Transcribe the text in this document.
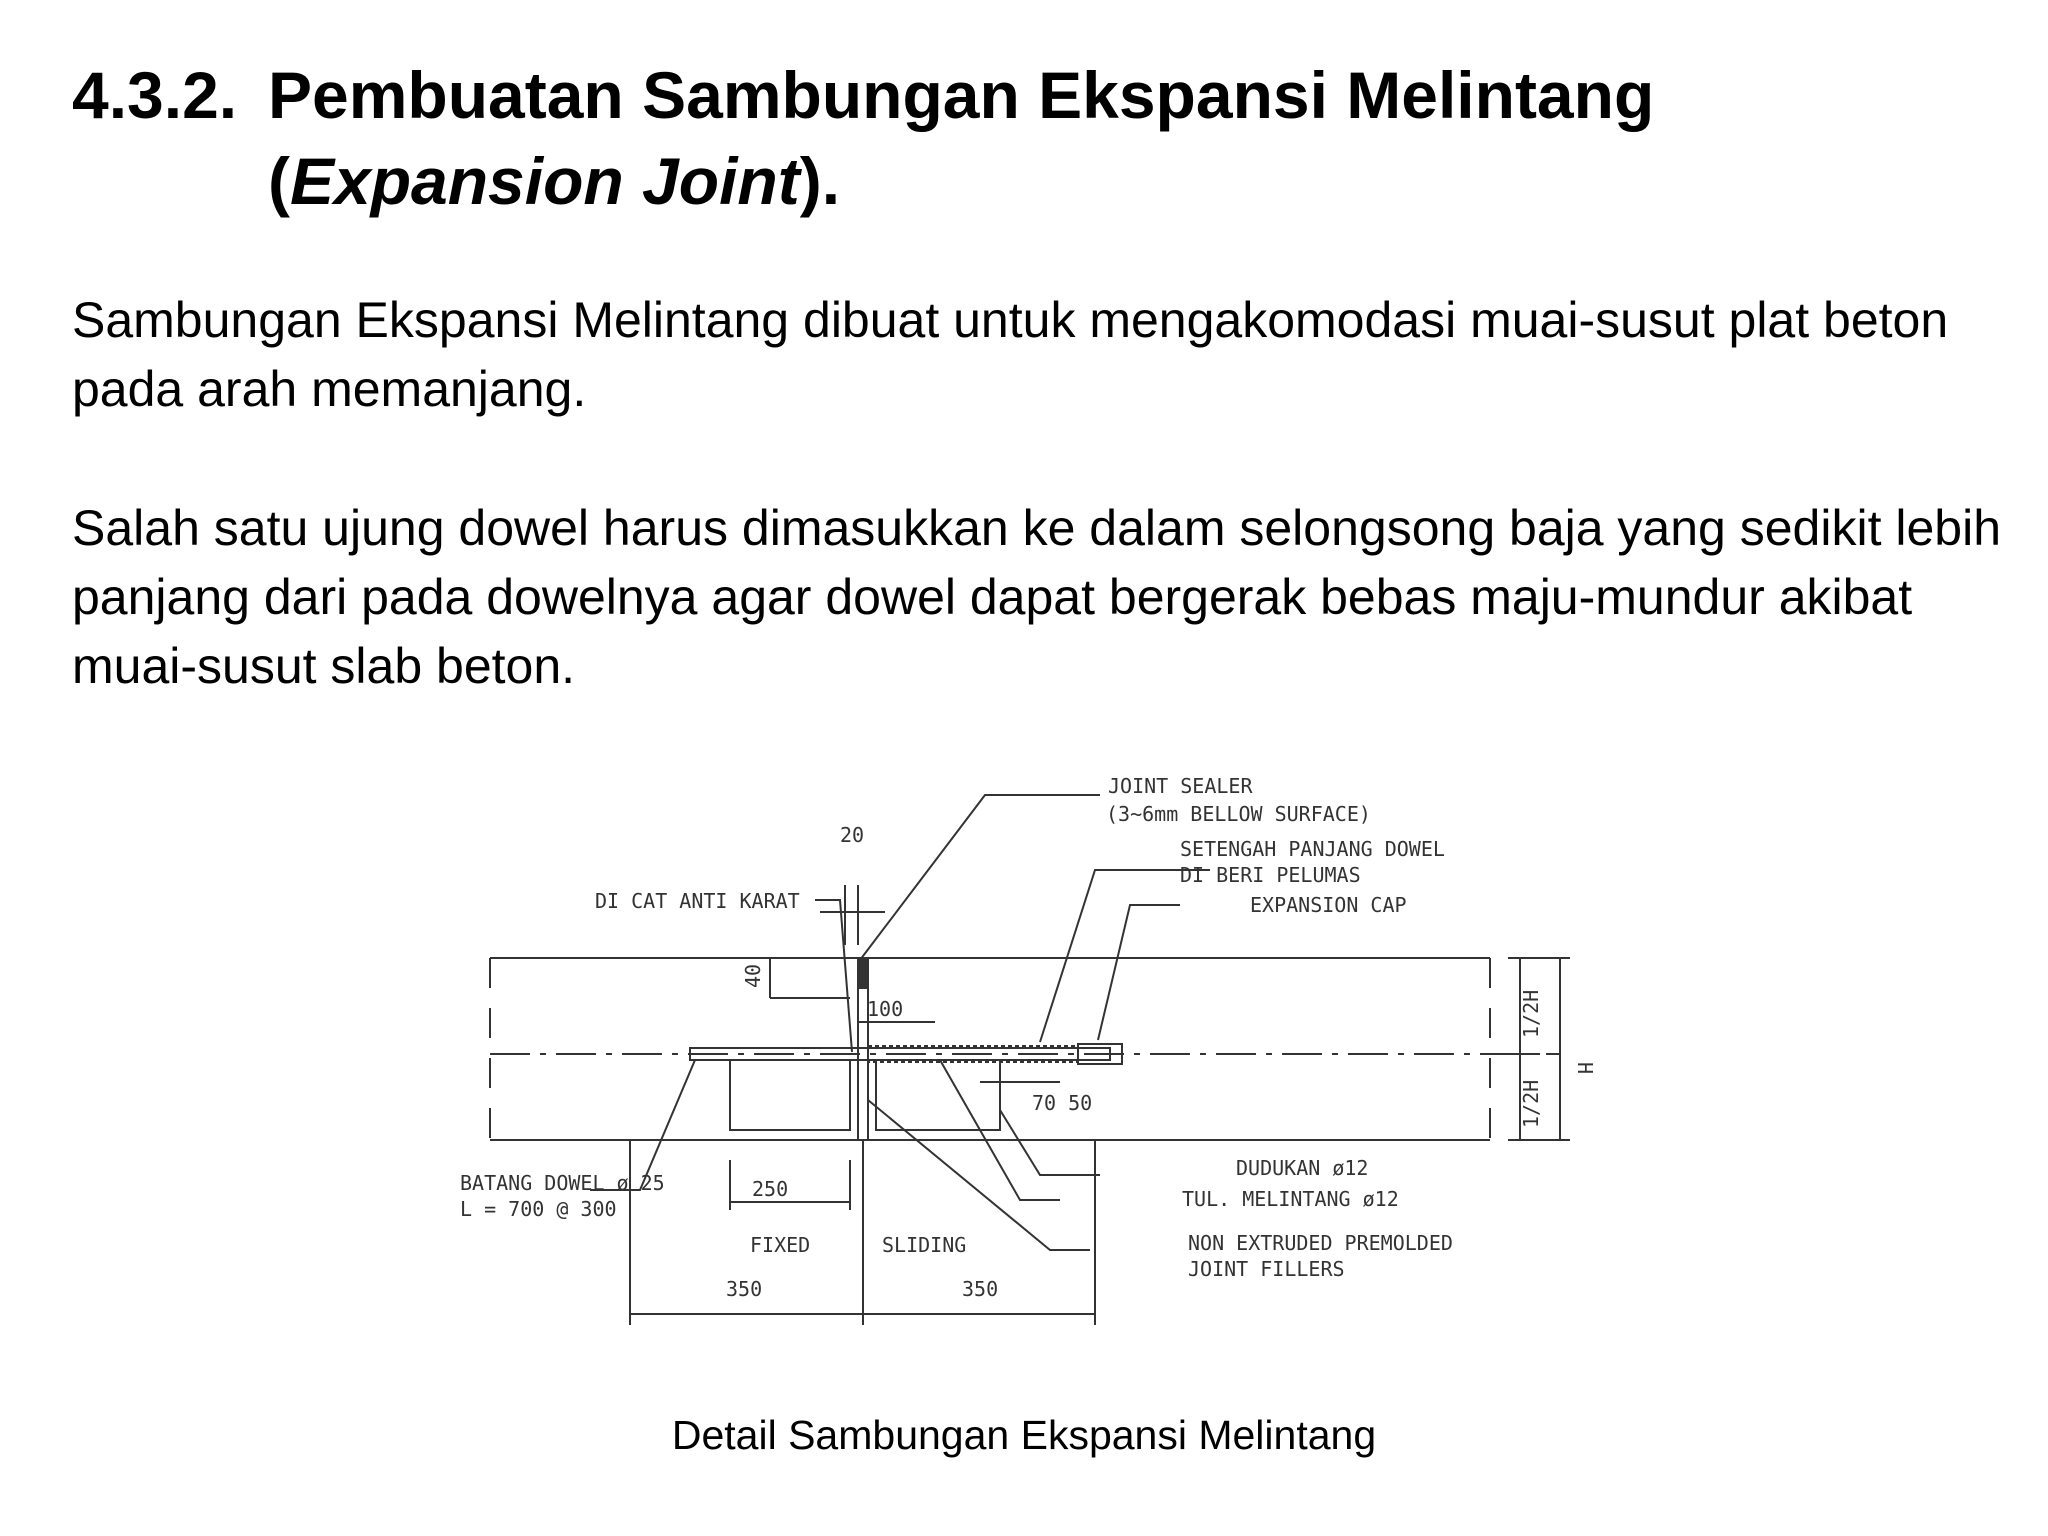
4.3.2. Pembuatan Sambungan Ekspansi Melintang
(Expansion Joint).

Sambungan Ekspansi Melintang dibuat untuk mengakomodasi muai-susut plat beton pada arah memanjang.

Salah satu ujung dowel harus dimasukkan ke dalam selongsong baja yang sedikit lebih panjang dari pada dowelnya agar dowel dapat bergerak bebas maju-mundur akibat muai-susut slab beton.

JOINT SEALER
(3~6mm BELLOW SURFACE)
SETENGAH PANJANG DOWEL
DI BERI PELUMAS
EXPANSION CAP
DI CAT ANTI KARAT
20
40
100
70 50
250
350	350
1/2H
1/2H
H
BATANG DOWEL ø 25
L = 700 @ 300
FIXED	SLIDING
DUDUKAN ø12
TUL. MELINTANG ø12
NON EXTRUDED PREMOLDED
JOINT FILLERS
Detail Sambungan Ekspansi Melintang
